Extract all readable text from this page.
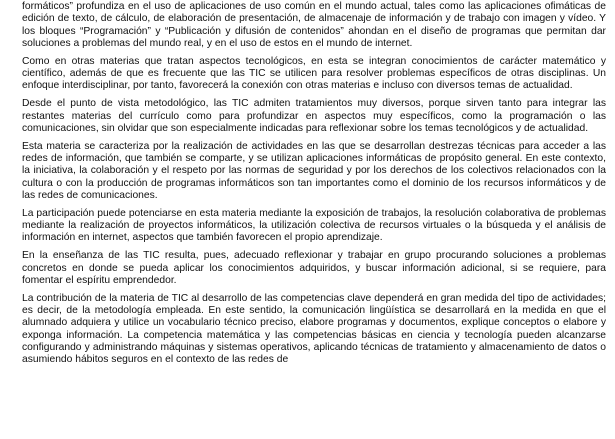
formáticos” profundiza en el uso de aplicaciones de uso común en el mundo actual, tales como las aplicaciones ofimáticas de edición de texto, de cálculo, de elaboración de presentación, de almacenaje de información y de trabajo con imagen y vídeo. Y los bloques “Programación” y “Publicación y difusión de contenidos” ahondan en el diseño de programas que permitan dar soluciones a problemas del mundo real, y en el uso de estos en el mundo de internet.

Como en otras materias que tratan aspectos tecnológicos, en esta se integran conocimientos de carácter matemático y científico, además de que es frecuente que las TIC se utilicen para resolver problemas específicos de otras disciplinas. Un enfoque interdisciplinar, por tanto, favorecerá la conexión con otras materias e incluso con diversos temas de actualidad.

Desde el punto de vista metodológico, las TIC admiten tratamientos muy diversos, porque sirven tanto para integrar las restantes materias del currículo como para profundizar en aspectos muy específicos, como la programación o las comunicaciones, sin olvidar que son especialmente indicadas para reflexionar sobre los temas tecnológicos y de actualidad.

Esta materia se caracteriza por la realización de actividades en las que se desarrollan destrezas técnicas para acceder a las redes de información, que también se comparte, y se utilizan aplicaciones informáticas de propósito general. En este contexto, la iniciativa, la colaboración y el respeto por las normas de seguridad y por los derechos de los colectivos relacionados con la cultura o con la producción de programas informáticos son tan importantes como el dominio de los recursos informáticos y de las redes de comunicaciones.

La participación puede potenciarse en esta materia mediante la exposición de trabajos, la resolución colaborativa de problemas mediante la realización de proyectos informáticos, la utilización colectiva de recursos virtuales o la búsqueda y el análisis de información en internet, aspectos que también favorecen el propio aprendizaje.

En la enseñanza de las TIC resulta, pues, adecuado reflexionar y trabajar en grupo procurando soluciones a problemas concretos en donde se pueda aplicar los conocimientos adquiridos, y buscar información adicional, si se requiere, para fomentar el espíritu emprendedor.

La contribución de la materia de TIC al desarrollo de las competencias clave dependerá en gran medida del tipo de actividades; es decir, de la metodología empleada. En este sentido, la comunicación lingüística se desarrollará en la medida en que el alumnado adquiera y utilice un vocabulario técnico preciso, elabore programas y documentos, explique conceptos o elabore y exponga información. La competencia matemática y las competencias básicas en ciencia y tecnología pueden alcanzarse configurando y administrando máquinas y sistemas operativos, aplicando técnicas de tratamiento y almacenamiento de datos o asumiendo hábitos seguros en el contexto de las redes de
